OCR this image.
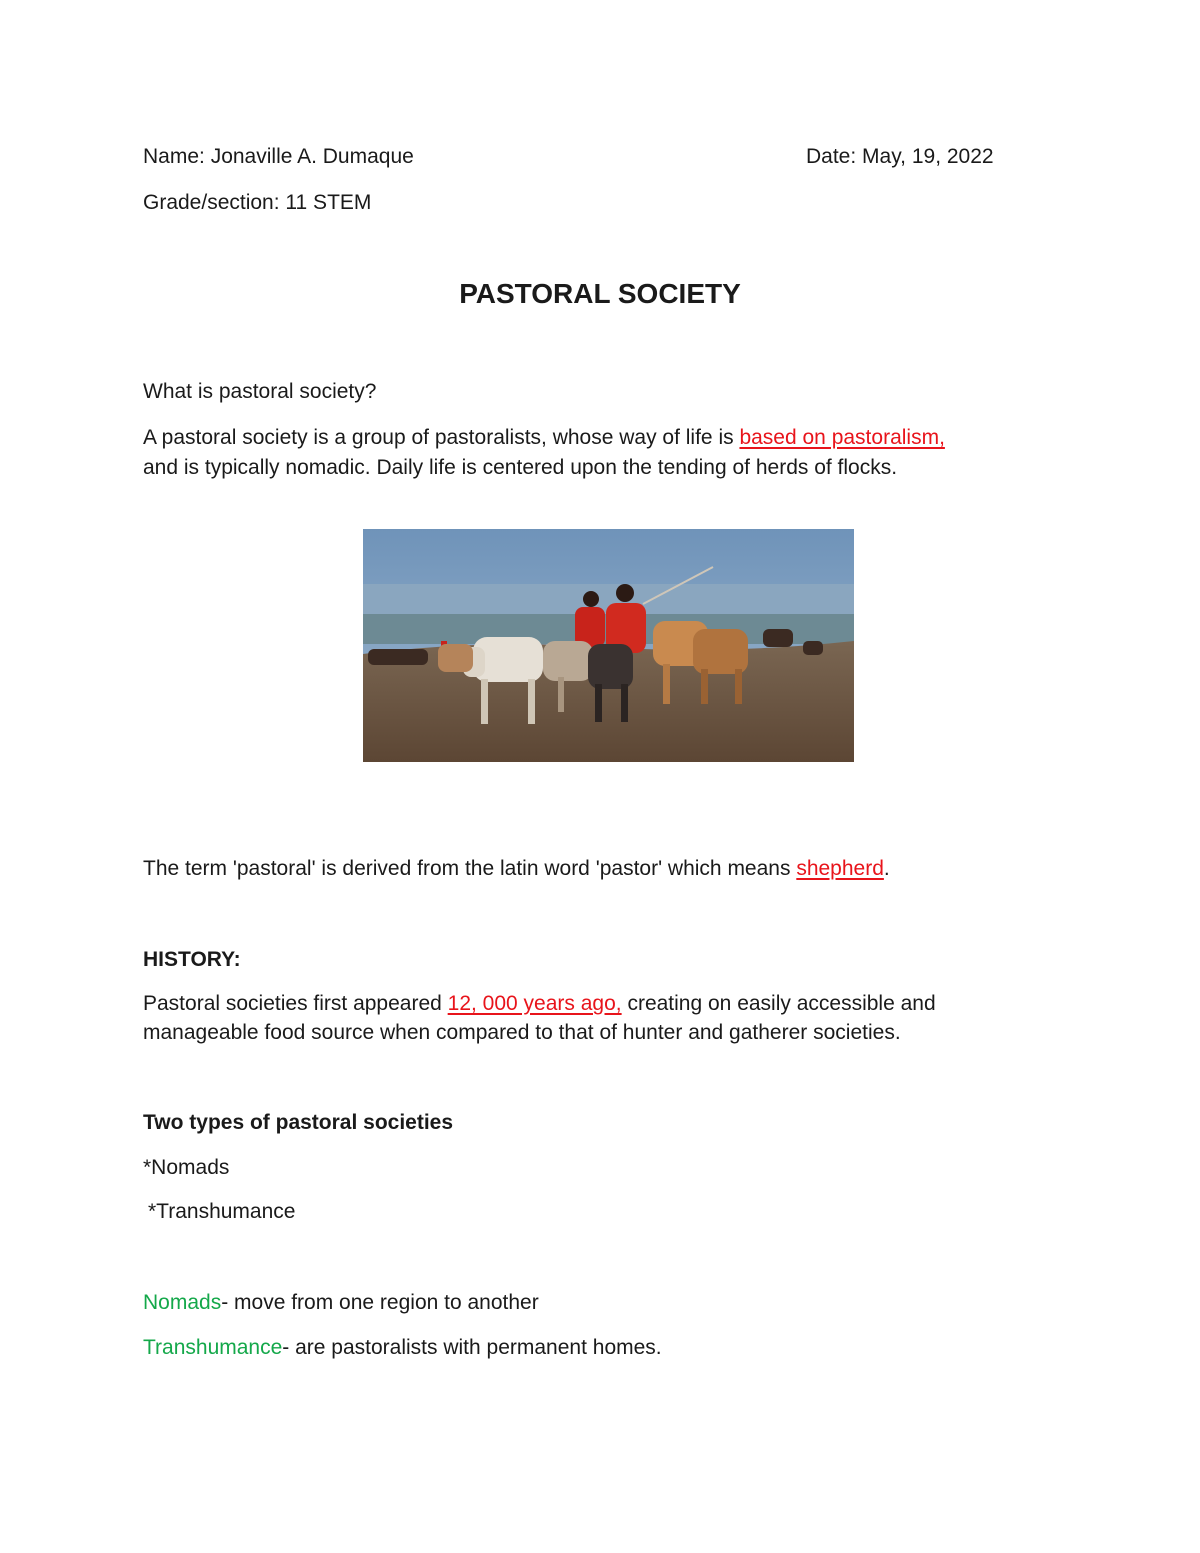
Name: Jonaville A. Dumaque	Date: May, 19, 2022
Grade/section: 11 STEM
PASTORAL SOCIETY
What is pastoral society?
A pastoral society is a group of pastoralists, whose way of life is based on pastoralism,
and is typically nomadic. Daily life is centered upon the tending of herds of flocks.
The term 'pastoral' is derived from the latin word 'pastor' which means shepherd.
HISTORY:
Pastoral societies first appeared 12, 000 years ago, creating on easily accessible and
manageable food source when compared to that of hunter and gatherer societies.
Two types of pastoral societies
*Nomads
*Transhumance
Nomads- move from one region to another
Transhumance- are pastoralists with permanent homes.
